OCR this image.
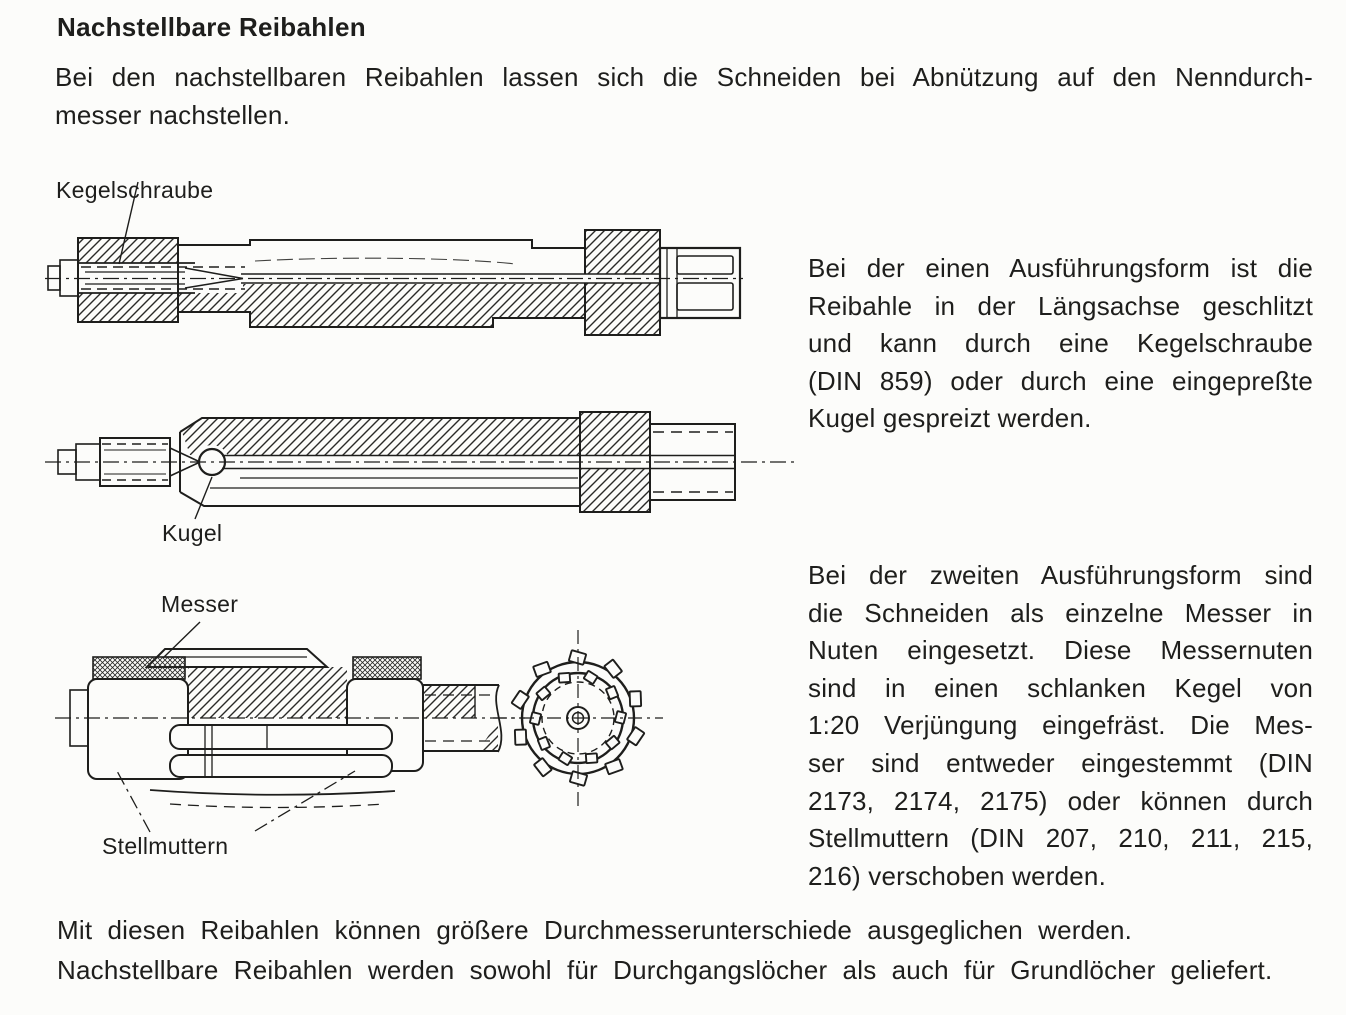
Nachstellbare Reibahlen
Bei den nachstellbaren Reibahlen lassen sich die Schneiden bei Abnützung auf den Nenndurch-
messer nachstellen.
Kegelschraube
Kugel
Messer
Stellmuttern
Bei der einen Ausführungsform ist die
Reibahle in der Längsachse geschlitzt
und kann durch eine Kegelschraube
(DIN 859) oder durch eine eingepreßte
Kugel gespreizt werden.
Bei der zweiten Ausführungsform sind
die Schneiden als einzelne Messer in
Nuten eingesetzt. Diese Messernuten
sind in einen schlanken Kegel von
1:20 Verjüngung eingefräst. Die Mes-
ser sind entweder eingestemmt (DIN
2173, 2174, 2175) oder können durch
Stellmuttern (DIN 207, 210, 211, 215,
216) verschoben werden.
Mit diesen Reibahlen können größere Durchmesserunterschiede ausgeglichen werden.
Nachstellbare Reibahlen werden sowohl für Durchgangslöcher als auch für Grundlöcher geliefert.
